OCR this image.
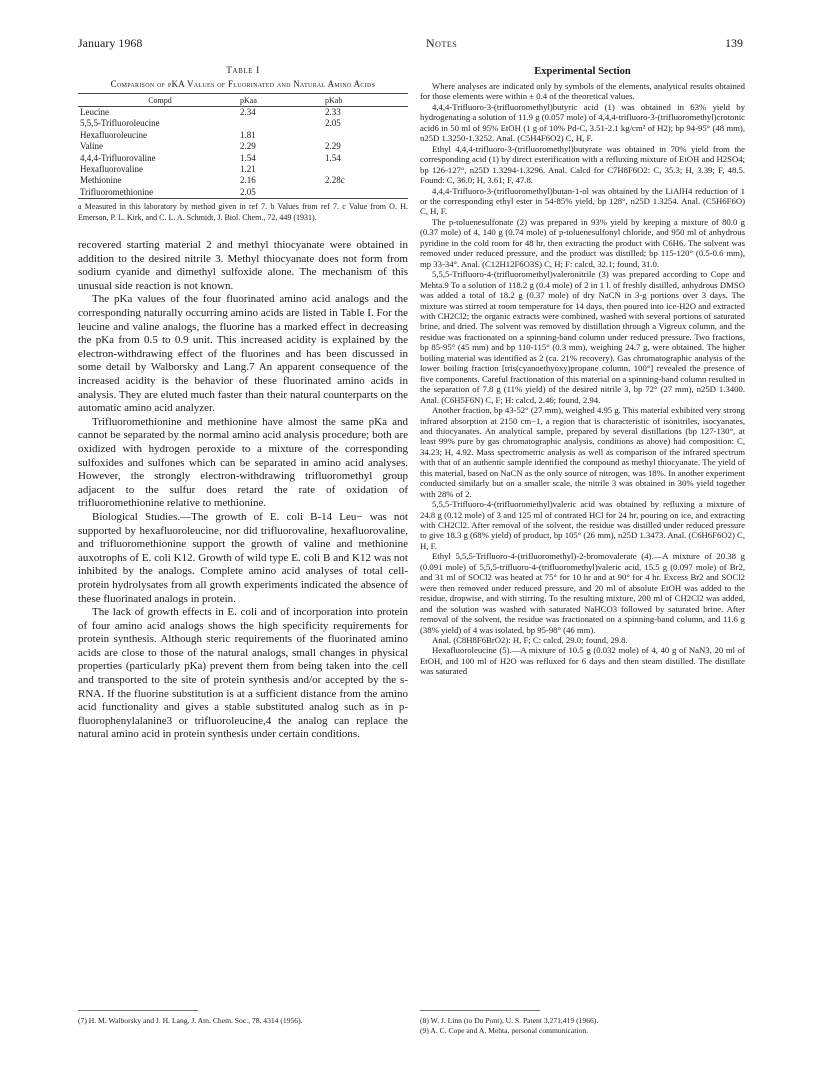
January 1968	Notes	139
Table I
Comparison of pKA Values of Fluorinated and Natural Amino Acids
Compd	pKaa	pKab
Leucine	2.34	2.33
5,5,5-Trifluoroleucine		2.05
Hexafluoroleucine	1.81	
Valine	2.29	2.29
4,4,4-Trifluorovaline	1.54	1.54
Hexafluorovaline	1.21	
Methionine	2.16	2.28c
Trifluoromethionine	2.05	
a Measured in this laboratory by method given in ref 7. b Values from ref 7. c Value from O. H. Emerson, P. L. Kirk, and C. L. A. Schmidt, J. Biol. Chem., 72, 449 (1931).

recovered starting material 2 and methyl thiocyanate were obtained in addition to the desired nitrile 3. Methyl thiocyanate does not form from sodium cyanide and dimethyl sulfoxide alone. The mechanism of this unusual side reaction is not known.

The pKa values of the four fluorinated amino acid analogs and the corresponding naturally occurring amino acids are listed in Table I. For the leucine and valine analogs, the fluorine has a marked effect in decreasing the pKa from 0.5 to 0.9 unit. This increased acidity is explained by the electron-withdrawing effect of the fluorines and has been discussed in some detail by Walborsky and Lang.7 An apparent consequence of the increased acidity is the behavior of these fluorinated amino acids in analysis. They are eluted much faster than their natural counterparts on the automatic amino acid analyzer.

Trifluoromethionine and methionine have almost the same pKa and cannot be separated by the normal amino acid analysis procedure; both are oxidized with hydrogen peroxide to a mixture of the corresponding sulfoxides and sulfones which can be separated in amino acid analyses. However, the strongly electron-withdrawing trifluoromethyl group adjacent to the sulfur does retard the rate of oxidation of trifluoromethionine relative to methionine.

Biological Studies.—The growth of E. coli B-14 Leu− was not supported by hexafluoroleucine, nor did trifluorovaline, hexafluorovaline, and trifluoromethionine support the growth of valine and methionine auxotrophs of E. coli K12. Growth of wild type E. coli B and K12 was not inhibited by the analogs. Complete amino acid analyses of total cell-protein hydrolysates from all growth experiments indicated the absence of these fluorinated analogs in protein.

The lack of growth effects in E. coli and of incorporation into protein of four amino acid analogs shows the high specificity requirements for protein synthesis. Although steric requirements of the fluorinated amino acids are close to those of the natural analogs, small changes in physical properties (particularly pKa) prevent them from being taken into the cell and transported to the site of protein synthesis and/or accepted by the s-RNA. If the fluorine substitution is at a sufficient distance from the amino acid functionality and gives a stable substituted analog such as in p-fluorophenylalanine3 or trifluoroleucine,4 the analog can replace the natural amino acid in protein synthesis under certain conditions.

(7) H. M. Walborsky and J. H. Lang, J. Am. Chem. Soc., 78, 4314 (1956).
Experimental Section

Where analyses are indicated only by symbols of the elements, analytical results obtained for those elements were within ± 0.4 of the theoretical values.

4,4,4-Trifluoro-3-(trifluoromethyl)butyric acid (1) was obtained in 63% yield by hydrogenating a solution of 11.9 g (0.057 mole) of 4,4,4-trifluoro-3-(trifluoromethyl)crotonic acid6 in 50 ml of 95% EtOH (1 g of 10% Pd-C, 3.51-2.1 kg/cm² of H2); bp 94-95° (48 mm), n25D 1.3250-1.3252. Anal. (C5H4F6O2) C, H, F.

Ethyl 4,4,4-trifluoro-3-(trifluoromethyl)butyrate was obtained in 70% yield from the corresponding acid (1) by direct esterification with a refluxing mixture of EtOH and H2SO4; bp 126-127°, n25D 1.3294-1.3296. Anal. Calcd for C7H8F6O2: C, 35.3; H, 3.39; F, 48.5. Found: C, 36.0; H, 3.61; F, 47.8.

4,4,4-Trifluoro-3-(trifluoromethyl)butan-1-ol was obtained by the LiAlH4 reduction of 1 or the corresponding ethyl ester in 54-85% yield, bp 128°, n25D 1.3254. Anal. (C5H6F6O) C, H, F.

The p-toluenesulfonate (2) was prepared in 93% yield by keeping a mixture of 80.0 g (0.37 mole) of 4, 140 g (0.74 mole) of p-toluenesulfonyl chloride, and 950 ml of anhydrous pyridine in the cold room for 48 hr, then extracting the product with C6H6. The solvent was removed under reduced pressure, and the product was distilled; bp 115-120° (0.5-0.6 mm), mp 33-34°. Anal. (C12H12F6O3S) C, H; F: calcd, 32.1; found, 31.0.

5,5,5-Trifluoro-4-(trifluoromethyl)valeronitrile (3) was prepared according to Cope and Mehta.9 To a solution of 118.2 g (0.4 mole) of 2 in 1 l. of freshly distilled, anhydrous DMSO was added a total of 18.2 g (0.37 mole) of dry NaCN in 3-g portions over 3 days. The mixture was stirred at room temperature for 14 days, then poured into ice-H2O and extracted with CH2Cl2; the organic extracts were combined, washed with several portions of saturated brine, and dried. The solvent was removed by distillation through a Vigreux column, and the residue was fractionated on a spinning-band column under reduced pressure. Two fractions, bp 85-95° (45 mm) and bp 110-115° (0.3 mm), weighing 24.7 g, were obtained. The higher boiling material was identified as 2 (ca. 21% recovery). Gas chromatographic analysis of the lower boiling fraction [tris(cyanoethyoxy)propane column, 100°] revealed the presence of five components. Careful fractionation of this material on a spinning-band column resulted in the separation of 7.8 g (11% yield) of the desired nitrile 3, bp 72° (27 mm), n25D 1.3400. Anal. (C6H5F6N) C, F; H: calcd, 2.46; found, 2.94.

Another fraction, bp 43-52° (27 mm), weighed 4.95 g. This material exhibited very strong infrared absorption at 2150 cm−1, a region that is characteristic of isonitriles, isocyanates, and thiocyanates. An analytical sample, prepared by several distillations (bp 127-130°, at least 99% pure by gas chromatographic analysis, conditions as above) had composition: C, 34.23; H, 4.92. Mass spectrometric analysis as well as comparison of the infrared spectrum with that of an authentic sample identified the compound as methyl thiocyanate. The yield of this material, based on NaCN as the only source of nitrogen, was 18%. In another experiment conducted similarly but on a smaller scale, the nitrile 3 was obtained in 30% yield together with 28% of 2.

5,5,5-Trifluoro-4-(trifluoromethyl)valeric acid was obtained by refluxing a mixture of 24.8 g (0.12 mole) of 3 and 125 ml of contrated HCl for 24 hr, pouring on ice, and extracting with CH2Cl2. After removal of the solvent, the residue was distilled under reduced pressure to give 18.3 g (68% yield) of product, bp 105° (26 mm), n25D 1.3473. Anal. (C6H6F6O2) C, H, F.

Ethyl 5,5,5-Trifluoro-4-(trifluoromethyl)-2-bromovalerate (4).—A mixture of 20.38 g (0.091 mole) of 5,5,5-trifluoro-4-(trifluoromethyl)valeric acid, 15.5 g (0.097 mole) of Br2, and 31 ml of SOCl2 was heated at 75° for 10 hr and at 90° for 4 hr. Excess Br2 and SOCl2 were then removed under reduced pressure, and 20 ml of absolute EtOH was added to the residue, dropwise, and with stirring. To the resulting mixture, 200 ml of CH2Cl2 was added, and the solution was washed with saturated NaHCO3 followed by saturated brine. After removal of the solvent, the residue was fractionated on a spinning-band column, and 11.6 g (38% yield) of 4 was isolated, bp 95-98° (46 mm).

Anal. (C8H8F6BrO2): H, F; C: calcd, 29.0; found, 29.8.

Hexafluoroleucine (5).—A mixture of 10.5 g (0.032 mole) of 4, 40 g of NaN3, 20 ml of EtOH, and 100 ml of H2O was refluxed for 6 days and then steam distilled. The distillate was saturated

(8) W. J. Linn (to Du Pont), U. S. Patent 3,271,419 (1966).
(9) A. C. Cope and A. Mehta, personal communication.
